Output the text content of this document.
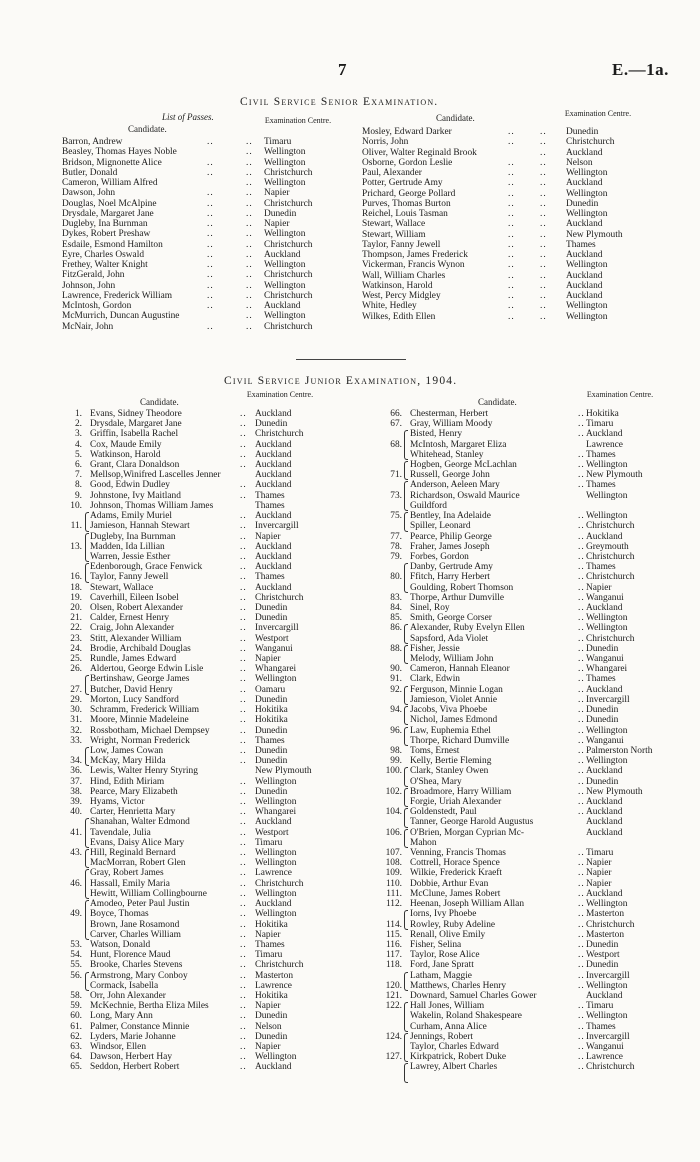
7	E.—1a.
Civil Service Senior Examination.
List of Passes.
Candidate.
Examination Centre.	Candidate.	Examination Centre.
Barron, Andrew	..	.. Timaru
Beasley, Thomas Hayes Noble	.. Wellington
Bridson, Mignonette Alice	..	.. Wellington
Butler, Donald	..	.. Christchurch
Cameron, William Alfred	.. Wellington
Dawson, John	..	.. Napier
Douglas, Noel McAlpine	..	.. Christchurch
Drysdale, Margaret Jane	..	.. Dunedin
Dugleby, Ina Burnman	..	.. Napier
Dykes, Robert Preshaw	..	.. Wellington
Esdaile, Esmond Hamilton	..	.. Christchurch
Eyre, Charles Oswald	..	.. Auckland
Frethey, Walter Knight	..	.. Wellington
FitzGerald, John	..	.. Christchurch
Johnson, John	..	.. Wellington
Lawrence, Frederick William	..	.. Christchurch
McIntosh, Gordon	..	.. Auckland
McMurrich, Duncan Augustine	.. Wellington
McNair, John	..	.. Christchurch
Mosley, Edward Darker	..	.. Dunedin
Norris, John	..	.. Christchurch
Oliver, Walter Reginald Brook	.. Auckland
Osborne, Gordon Leslie	..	.. Nelson
Paul, Alexander	..	.. Wellington
Potter, Gertrude Amy	..	.. Auckland
Prichard, George Pollard	..	.. Wellington
Purves, Thomas Burton	..	.. Dunedin
Reichel, Louis Tasman	..	.. Wellington
Stewart, Wallace	..	.. Auckland
Stewart, William	..	.. New Plymouth
Taylor, Fanny Jewell	..	.. Thames
Thompson, James Frederick	..	.. Auckland
Vickerman, Francis Wynon	..	.. Wellington
Wall, William Charles	..	.. Auckland
Watkinson, Harold	..	.. Auckland
West, Percy Midgley	..	.. Auckland
White, Hedley	..	.. Wellington
Wilkes, Edith Ellen	..	.. Wellington
Civil Service Junior Examination, 1904.
Candidate.
Examination Centre.
Candidate.
Examination Centre.
1. Evans, Sidney Theodore	.. Auckland
2. Drysdale, Margaret Jane	.. Dunedin
3. Griffin, Isabella Rachel	.. Christchurch
4. Cox, Maude Emily	.. Auckland
5. Watkinson, Harold	.. Auckland
6. Grant, Clara Donaldson	.. Auckland
7. Mellsop,Winifred Lascelles Jenner	Auckland
8. Good, Edwin Dudley	.. Auckland
9. Johnstone, Ivy Maitland	.. Thames
10. Johnson, Thomas William James	Thames
Adams, Emily Muriel	.. Auckland
11. Jamieson, Hannah Stewart	.. Invercargill
Dugleby, Ina Burnman	.. Napier
13. Madden, Ida Lillian	.. Auckland
Warren, Jessie Esther	.. Auckland
Edenborough, Grace Fenwick	.. Auckland
16. Taylor, Fanny Jewell	.. Thames
18. Stewart, Wallace	.. Auckland
19. Caverhill, Eileen Isobel	.. Christchurch
20. Olsen, Robert Alexander	.. Dunedin
21. Calder, Ernest Henry	.. Dunedin
22. Craig, John Alexander	.. Invercargill
23. Stitt, Alexander William	.. Westport
24. Brodie, Archibald Douglas	.. Wanganui
25. Rundle, James Edward	.. Napier
26. Aldertou, George Edwin Lisle	.. Whangarei
Bertinshaw, George James	.. Wellington
27. Butcher, David Henry	.. Oamaru
29. Morton, Lucy Sandford	.. Dunedin
30. Schramm, Frederick William	.. Hokitika
31. Moore, Minnie Madeleine	.. Hokitika
32. Rossbotham, Michael Dempsey	.. Dunedin
33. Wright, Norman Frederick	.. Thames
Low, James Cowan	.. Dunedin
34. McKay, Mary Hilda	.. Dunedin
36. Lewis, Walter Henry Styring	New Plymouth
37. Hind, Edith Miriam	.. Wellington
38. Pearce, Mary Elizabeth	.. Dunedin
39. Hyams, Victor	.. Wellington
40. Carter, Henrietta Mary	.. Whangarei
Shanahan, Walter Edmond	.. Auckland
41. Tavendale, Julia	.. Westport
Evans, Daisy Alice Mary	.. Timaru
43. Hill, Reginald Bernard	.. Wellington
MacMorran, Robert Glen	.. Wellington
Gray, Robert James	.. Lawrence
46. Hassall, Emily Maria	.. Christchurch
Hewitt, William Collingbourne	.. Wellington
Amodeo, Peter Paul Justin	.. Auckland
49. Boyce, Thomas	.. Wellington
Brown, Jane Rosamond	.. Hokitika
Carver, Charles William	.. Napier
53. Watson, Donald	.. Thames
54. Hunt, Florence Maud	.. Timaru
55. Brooke, Charles Stevens	.. Christchurch
56. Armstrong, Mary Conboy	.. Masterton
Cormack, Isabella	.. Lawrence
58. Orr, John Alexander	.. Hokitika
59. McKechnie, Bertha Eliza Miles	.. Napier
60. Long, Mary Ann	.. Dunedin
61. Palmer, Constance Minnie	.. Nelson
62. Lyders, Marie Johanne	.. Dunedin
63. Windsor, Ellen	.. Napier
64. Dawson, Herbert Hay	.. Wellington
65. Seddon, Herbert Robert	.. Auckland
66. Chesterman, Herbert	.. Hokitika
67. Gray, William Moody	.. Timaru
Bisted, Henry	.. Auckland
68. McIntosh, Margaret Eliza	Lawrence
Whitehead, Stanley	.. Thames
Hogben, George McLachlan	.. Wellington
71. Russell, George John	.. New Plymouth
Anderson, Aeleen Mary	.. Thames
73. Richardson, Oswald Maurice	Wellington
Guildford
75. Bentley, Ina Adelaide	.. Wellington
Spiller, Leonard	.. Christchurch
77. Pearce, Philip George	.. Auckland
78. Fraher, James Joseph	.. Greymouth
79. Forbes, Gordon	.. Christchurch
Danby, Gertrude Amy	.. Thames
80. Ffitch, Harry Herbert	.. Christchurch
Goulding, Robert Thomson	.. Napier
83. Thorpe, Arthur Dumville	.. Wanganui
84. Sinel, Roy	.. Auckland
85. Smith, George Corser	.. Wellington
86. Alexander, Ruby Evelyn Ellen	.. Wellington
Sapsford, Ada Violet	.. Christchurch
88. Fisher, Jessie	.. Dunedin
Melody, William John	.. Wanganui
90. Cameron, Hannah Eleanor	.. Whangarei
91. Clark, Edwin	.. Thames
92. Ferguson, Minnie Logan	.. Auckland
Jamieson, Violet Annie	.. Invercargill
94. Jacobs, Viva Phoebe	.. Dunedin
Nichol, James Edmond	.. Dunedin
96. Law, Euphemia Ethel	.. Wellington
Thorpe, Richard Dumville	.. Wanganui
98. Toms, Ernest	.. Palmerston North
99. Kelly, Bertie Fleming	.. Wellington
100. Clark, Stanley Owen	.. Auckland
O'Shea, Mary	.. Dunedin
102. Broadmore, Harry William	.. New Plymouth
Forgie, Uriah Alexander	.. Auckland
104. Goldenstedt, Paul	.. Auckland
Tanner, George Harold Augustus	Auckland
106. O'Brien, Morgan Cyprian Mc-	Auckland
Mahon
107. Venning, Francis Thomas	.. Timaru
108. Cottrell, Horace Spence	.. Napier
109. Wilkie, Frederick Kraeft	.. Napier
110. Dobbie, Arthur Evan	.. Napier
111. McClune, James Robert	.. Auckland
112. Heenan, Joseph William Allan	.. Wellington
Iorns, Ivy Phoebe	.. Masterton
114. Rowley, Ruby Adeline	.. Christchurch
115. Renall, Olive Emily	.. Masterton
116. Fisher, Selina	.. Dunedin
117. Taylor, Rose Alice	.. Westport
118. Ford, Jane Spratt	.. Dunedin
Latham, Maggie	.. Invercargill
120. Matthews, Charles Henry	.. Wellington
121. Downard, Samuel Charles Gower	Auckland
122. Hall Jones, William	.. Timaru
Wakelin, Roland Shakespeare	.. Wellington
Curham, Anna Alice	.. Thames
124. Jennings, Robert	.. Invercargill
Taylor, Charles Edward	.. Wanganui
127. Kirkpatrick, Robert Duke	.. Lawrence
Lawrey, Albert Charles	.. Christchurch
